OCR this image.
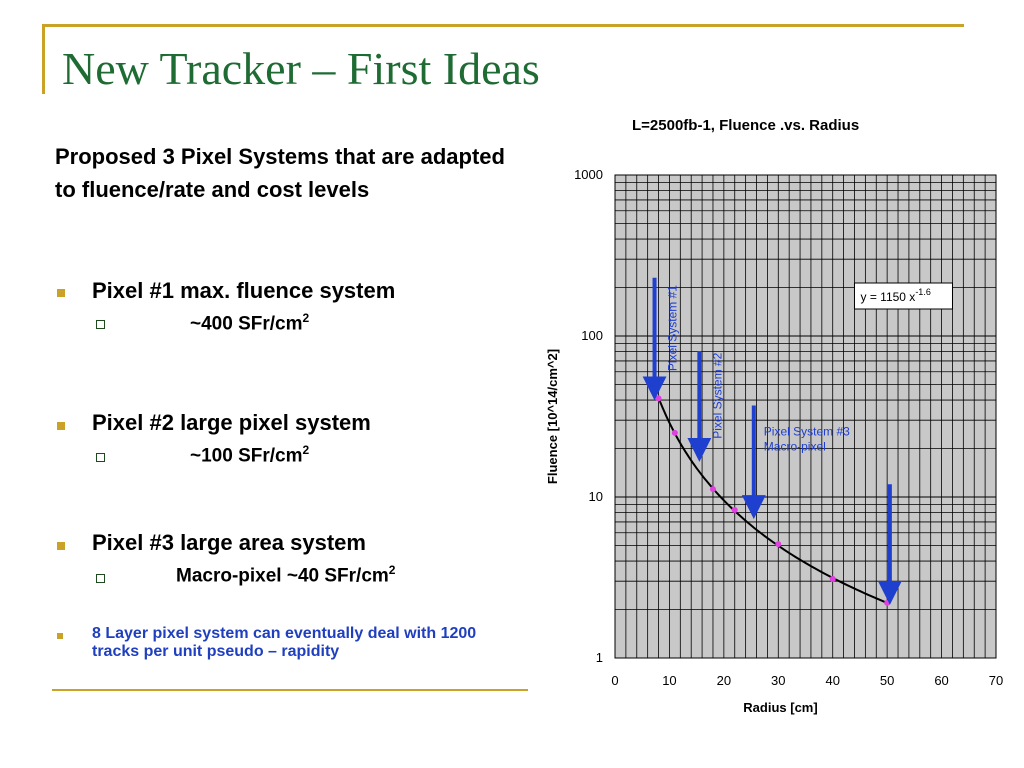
New Tracker – First Ideas

Proposed 3 Pixel Systems that are adapted to fluence/rate and cost levels

Pixel #1 max. fluence system
~400 SFr/$cm^2$
Pixel #2 large pixel system
~100 SFr/$cm^2$
Pixel #3 large area system
Macro-pixel ~40 SFr/$cm^2$
8 Layer pixel system can eventually deal with 1200 tracks per unit pseudo – rapidity
L=2500fb-1, Fluence .vs. Radius
0	10	20	30	40	50	60	70
1
10
100
1000
Radius [cm]
Fluence [10^14/cm^2]
y = 1150 $x^{-1.6}$
Pixel System #1
Pixel System #2	Pixel System #3
Macro-pixel
